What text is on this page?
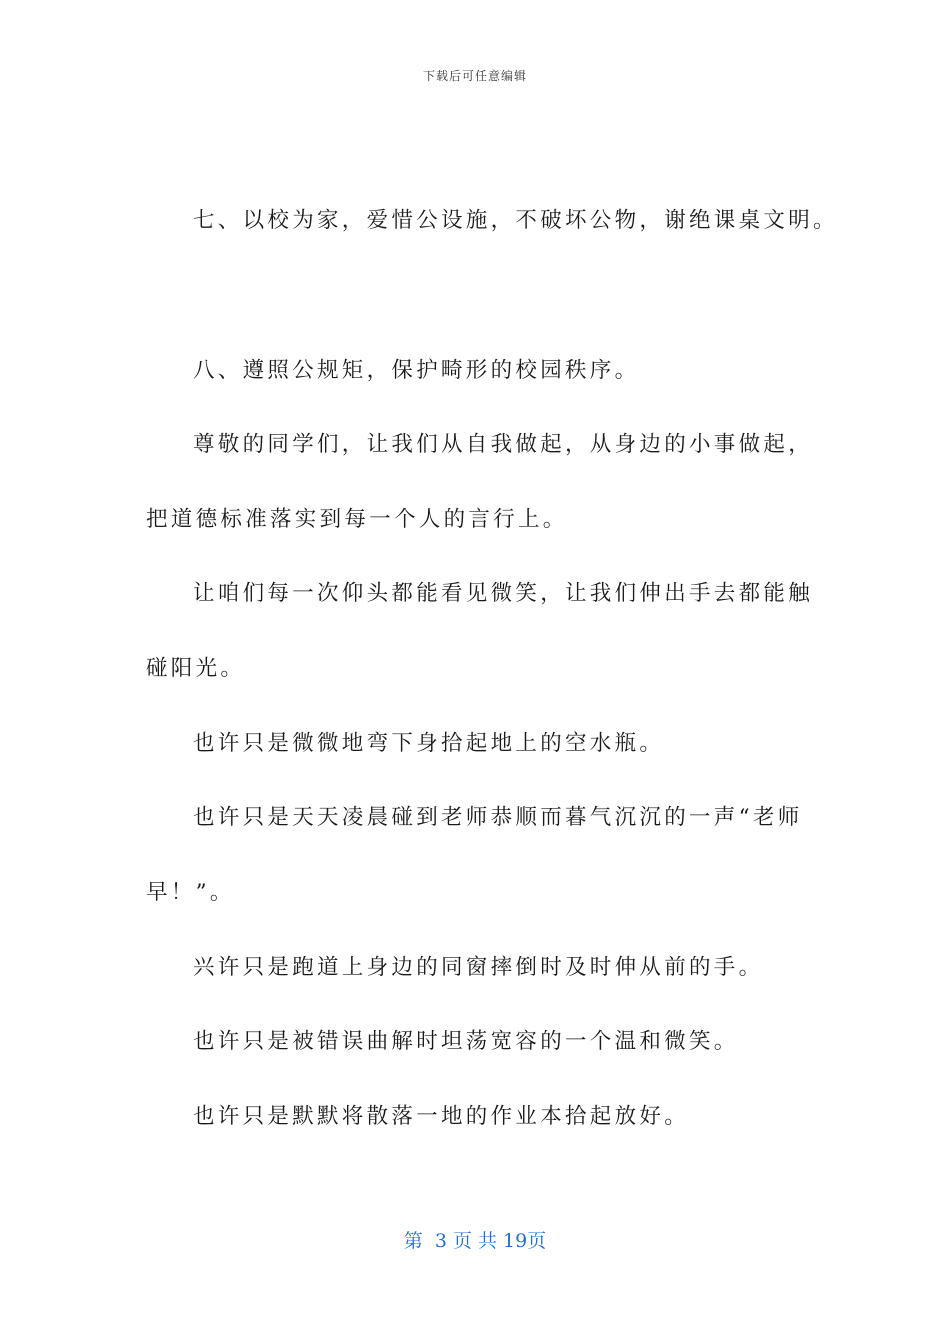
下载后可任意编辑
七、以校为家，爱惜公设施，不破坏公物，谢绝课桌文明。
八、遵照公规矩，保护畸形的校园秩序。
尊敬的同学们，让我们从自我做起，从身边的小事做起，
把道德标准落实到每一个人的言行上。
让咱们每一次仰头都能看见微笑，让我们伸出手去都能触
碰阳光。
也许只是微微地弯下身拾起地上的空水瓶。
也许只是天天凌晨碰到老师恭顺而暮气沉沉的一声“老师
早！”。
兴许只是跑道上身边的同窗摔倒时及时伸从前的手。
也许只是被错误曲解时坦荡宽容的一个温和微笑。
也许只是默默将散落一地的作业本拾起放好。
第  3 页 共 19页
